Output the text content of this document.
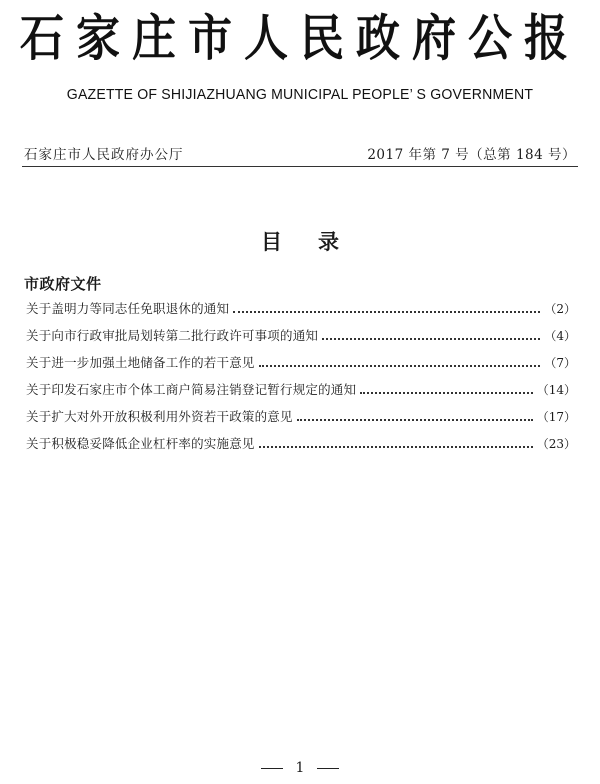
石家庄市人民政府公报
GAZETTE OF SHIJIAZHUANG MUNICIPAL PEOPLE’ S GOVERNMENT
石家庄市人民政府办公厅	2017 年第 7 号（总第 184 号）
目录
市政府文件
关于盖明力等同志任免职退休的通知	（2）
关于向市行政审批局划转第二批行政许可事项的通知	（4）
关于进一步加强土地储备工作的若干意见	（7）
关于印发石家庄市个体工商户简易注销登记暂行规定的通知	（14）
关于扩大对外开放积极利用外资若干政策的意见	（17）
关于积极稳妥降低企业杠杆率的实施意见	（23）
1
